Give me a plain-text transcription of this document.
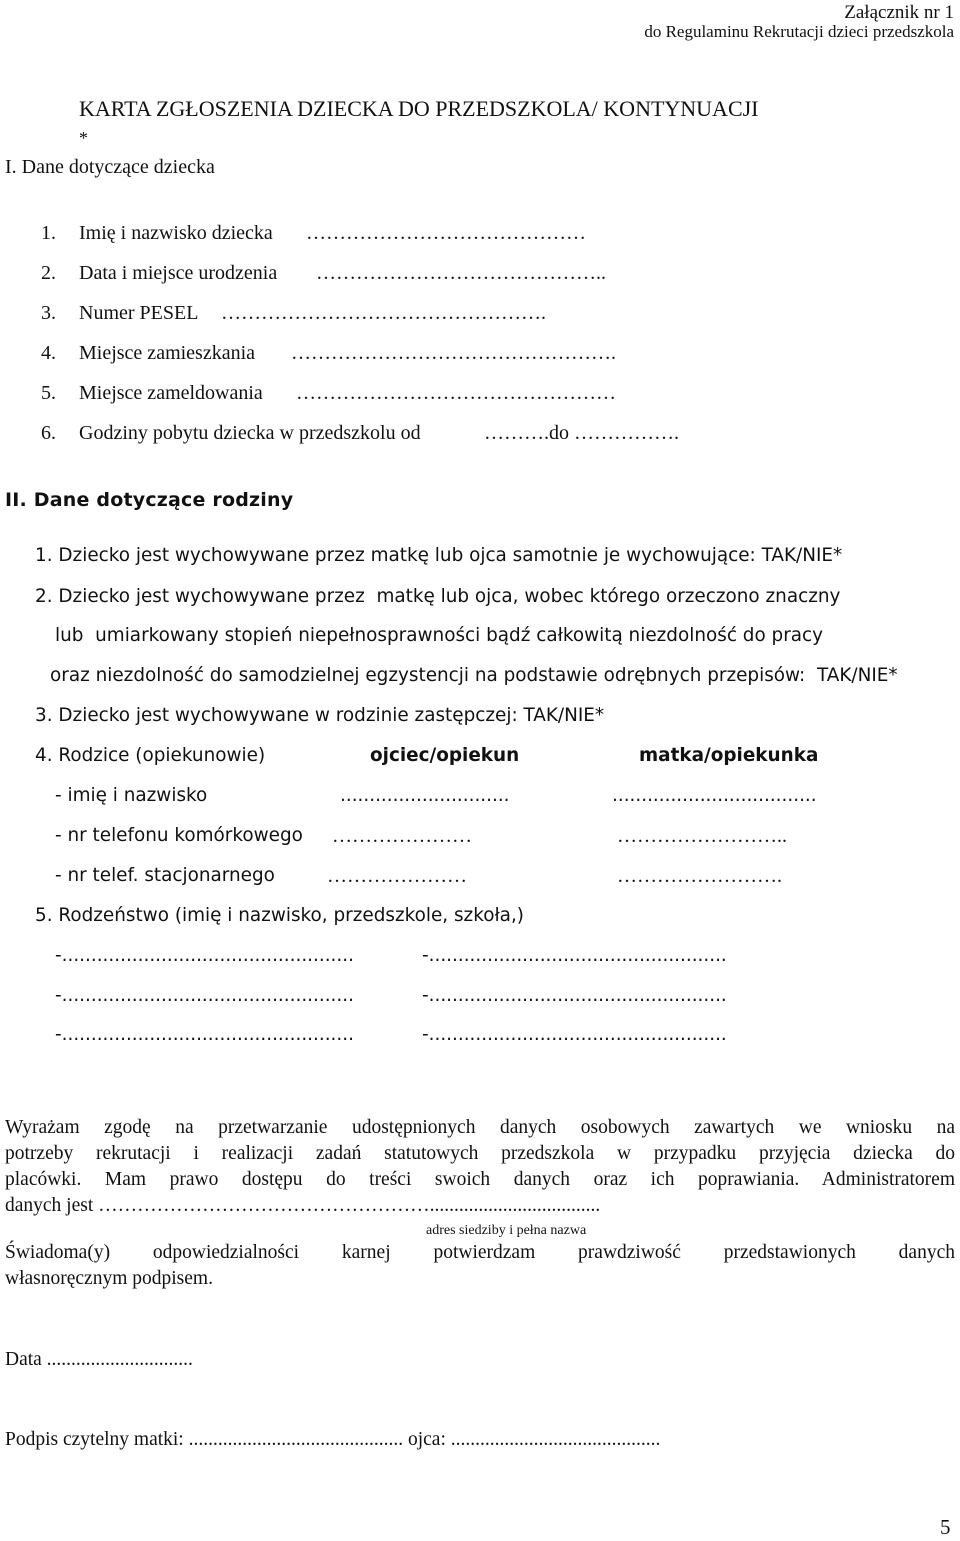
Załącznik nr 1
do Regulaminu Rekrutacji dzieci przedszkola

KARTA ZGŁOSZENIA DZIECKA DO PRZEDSZKOLA/ KONTYNUACJI
*

I. Dane dotyczące dziecka
1. Imię i nazwisko dziecka ……………………………………
2. Data i miejsce urodzenia ……………………………………..
3. Numer PESEL ………………………………………….
4. Miejsce zamieszkania ………………………………………….
5. Miejsce zameldowania …………………………………………
6. Godziny pobytu dziecka w przedszkolu od	……….do …………….
II. Dane dotyczące rodziny
1. Dziecko jest wychowywane przez matkę lub ojca samotnie je wychowujące: TAK/NIE*
2. Dziecko jest wychowywane przez  matkę lub ojca, wobec którego orzeczono znaczny
lub  umiarkowany stopień niepełnosprawności bądź całkowitą niezdolność do pracy
oraz niezdolność do samodzielnej egzystencji na podstawie odrębnych przepisów:  TAK/NIE*
3. Dziecko jest wychowywane w rodzinie zastępczej: TAK/NIE*
4. Rodzice (opiekunowie)	ojciec/opiekun	matka/opiekunka
- imię i nazwisko	.............................	...................................
- nr telefonu komórkowego …………………	……………………..
- nr telef. stacjonarnego	…………………	…………………….
5. Rodzeństwo (imię i nazwisko, przedszkole, szkoła,)
-..................................................	-...................................................
-..................................................	-...................................................
-..................................................	-...................................................
Wyrażam zgodę na przetwarzanie udostępnionych danych osobowych zawartych we wniosku na
potrzeby rekrutacji i realizacji zadań statutowych przedszkola w przypadku przyjęcia dziecka do
placówki. Mam prawo dostępu do treści swoich danych oraz ich poprawiania. Administratorem
danych jest ……………………………………………...................................
adres siedziby i pełna nazwa
Świadoma(y) odpowiedzialności karnej potwierdzam prawdziwość przedstawionych danych
własnoręcznym podpisem.
Data ..............................
Podpis czytelny matki: ............................................ ojca: ...........................................
5
